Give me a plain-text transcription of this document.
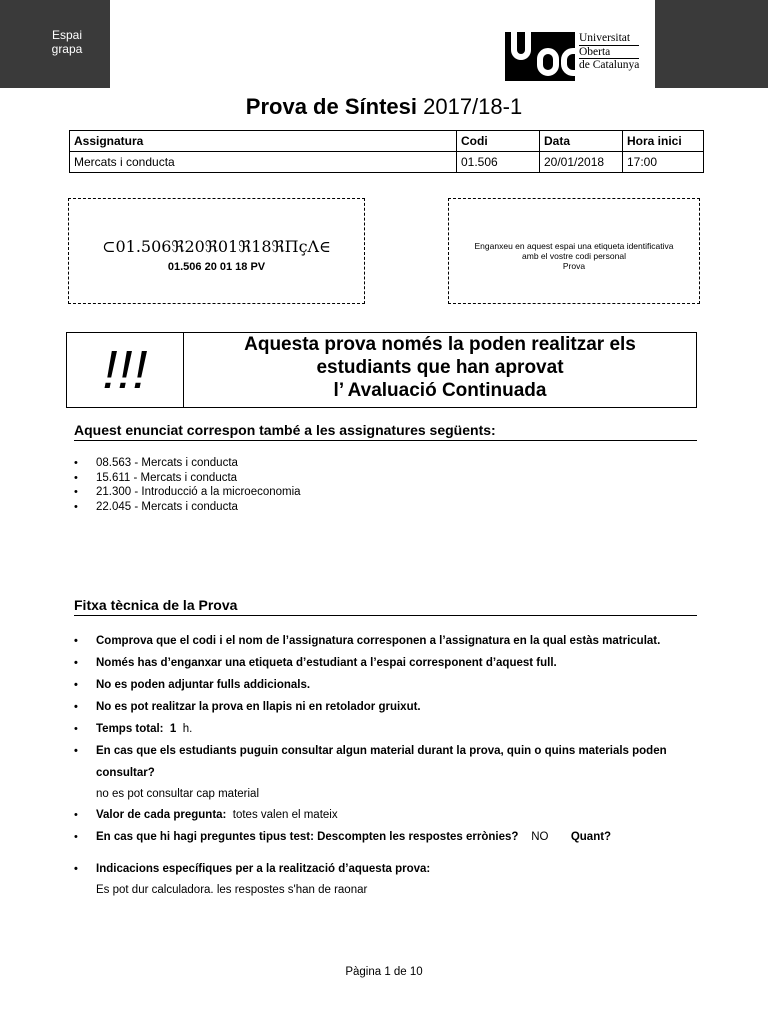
Espai
grapa
Universitat
Oberta
de Catalunya
Prova de Síntesi 2017/18-1
Assignatura	Codi	Data	Hora inici
Mercats i conducta	01.506	20/01/2018	17:00
⊂01.506ℜ20ℜ01ℜ18ℜΠçΛ∈
01.506 20 01 18 PV
Enganxeu en aquest espai una etiqueta identificativa
amb el vostre codi personal
Prova
!!!	Aquesta prova només la poden realitzar els
estudiants que han aprovat
l’ Avaluació Continuada
Aquest enunciat correspon també a les assignatures següents:
• 08.563 - Mercats i conducta
• 15.611 - Mercats i conducta
• 21.300 - Introducció a la microeconomia
• 22.045 - Mercats i conducta
Fitxa tècnica de la Prova
• Comprova que el codi i el nom de l’assignatura corresponen a l’assignatura en la qual estàs matriculat.
• Només has d’enganxar una etiqueta d’estudiant a l’espai corresponent d’aquest full.
• No es poden adjuntar fulls addicionals.
• No es pot realitzar la prova en llapis ni en retolador gruixut.
• Temps total: 1 h.
• En cas que els estudiants puguin consultar algun material durant la prova, quin o quins materials poden consultar?
no es pot consultar cap material
• Valor de cada pregunta: totes valen el mateix
• En cas que hi hagi preguntes tipus test: Descompten les respostes errònies? NO Quant?
• Indicacions específiques per a la realització d’aquesta prova:
Es pot dur calculadora. les respostes s'han de raonar
Pàgina 1 de 10
